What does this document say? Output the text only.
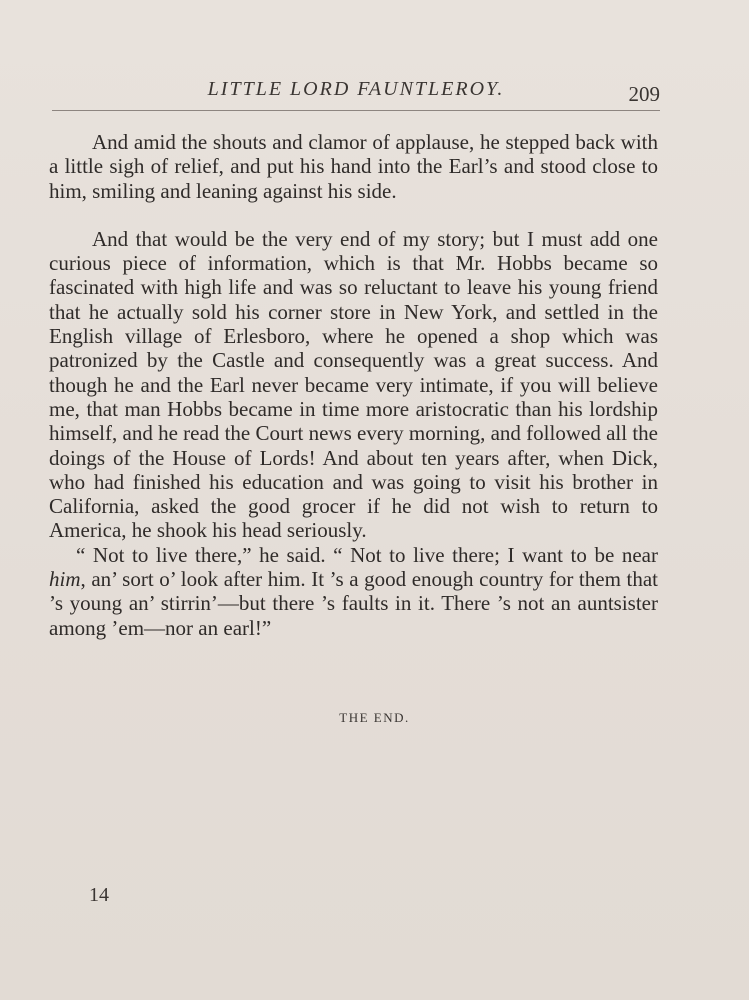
LITTLE LORD FAUNTLEROY.	209

And amid the shouts and clamor of applause, he stepped back with a little sigh of relief, and put his hand into the Earl’s and stood close to him, smiling and leaning against his side.

And that would be the very end of my story; but I must add one curious piece of information, which is that Mr. Hobbs became so fascinated with high life and was so reluctant to leave his young friend that he actually sold his corner store in New York, and settled in the English village of Erlesboro, where he opened a shop which was patronized by the Castle and consequently was a great success. And though he and the Earl never became very intimate, if you will believe me, that man Hobbs became in time more aristocratic than his lordship himself, and he read the Court news every morning, and followed all the doings of the House of Lords! And about ten years after, when Dick, who had finished his education and was going to visit his brother in California, asked the good grocer if he did not wish to return to America, he shook his head seriously.

“ Not to live there,” he said. “ Not to live there; I want to be near him, an’ sort o’ look after him. It ’s a good enough country for them that ’s young an’ stirrin’—but there ’s faults in it. There ’s not an auntsister among ’em—nor an earl!”

THE END.
14
